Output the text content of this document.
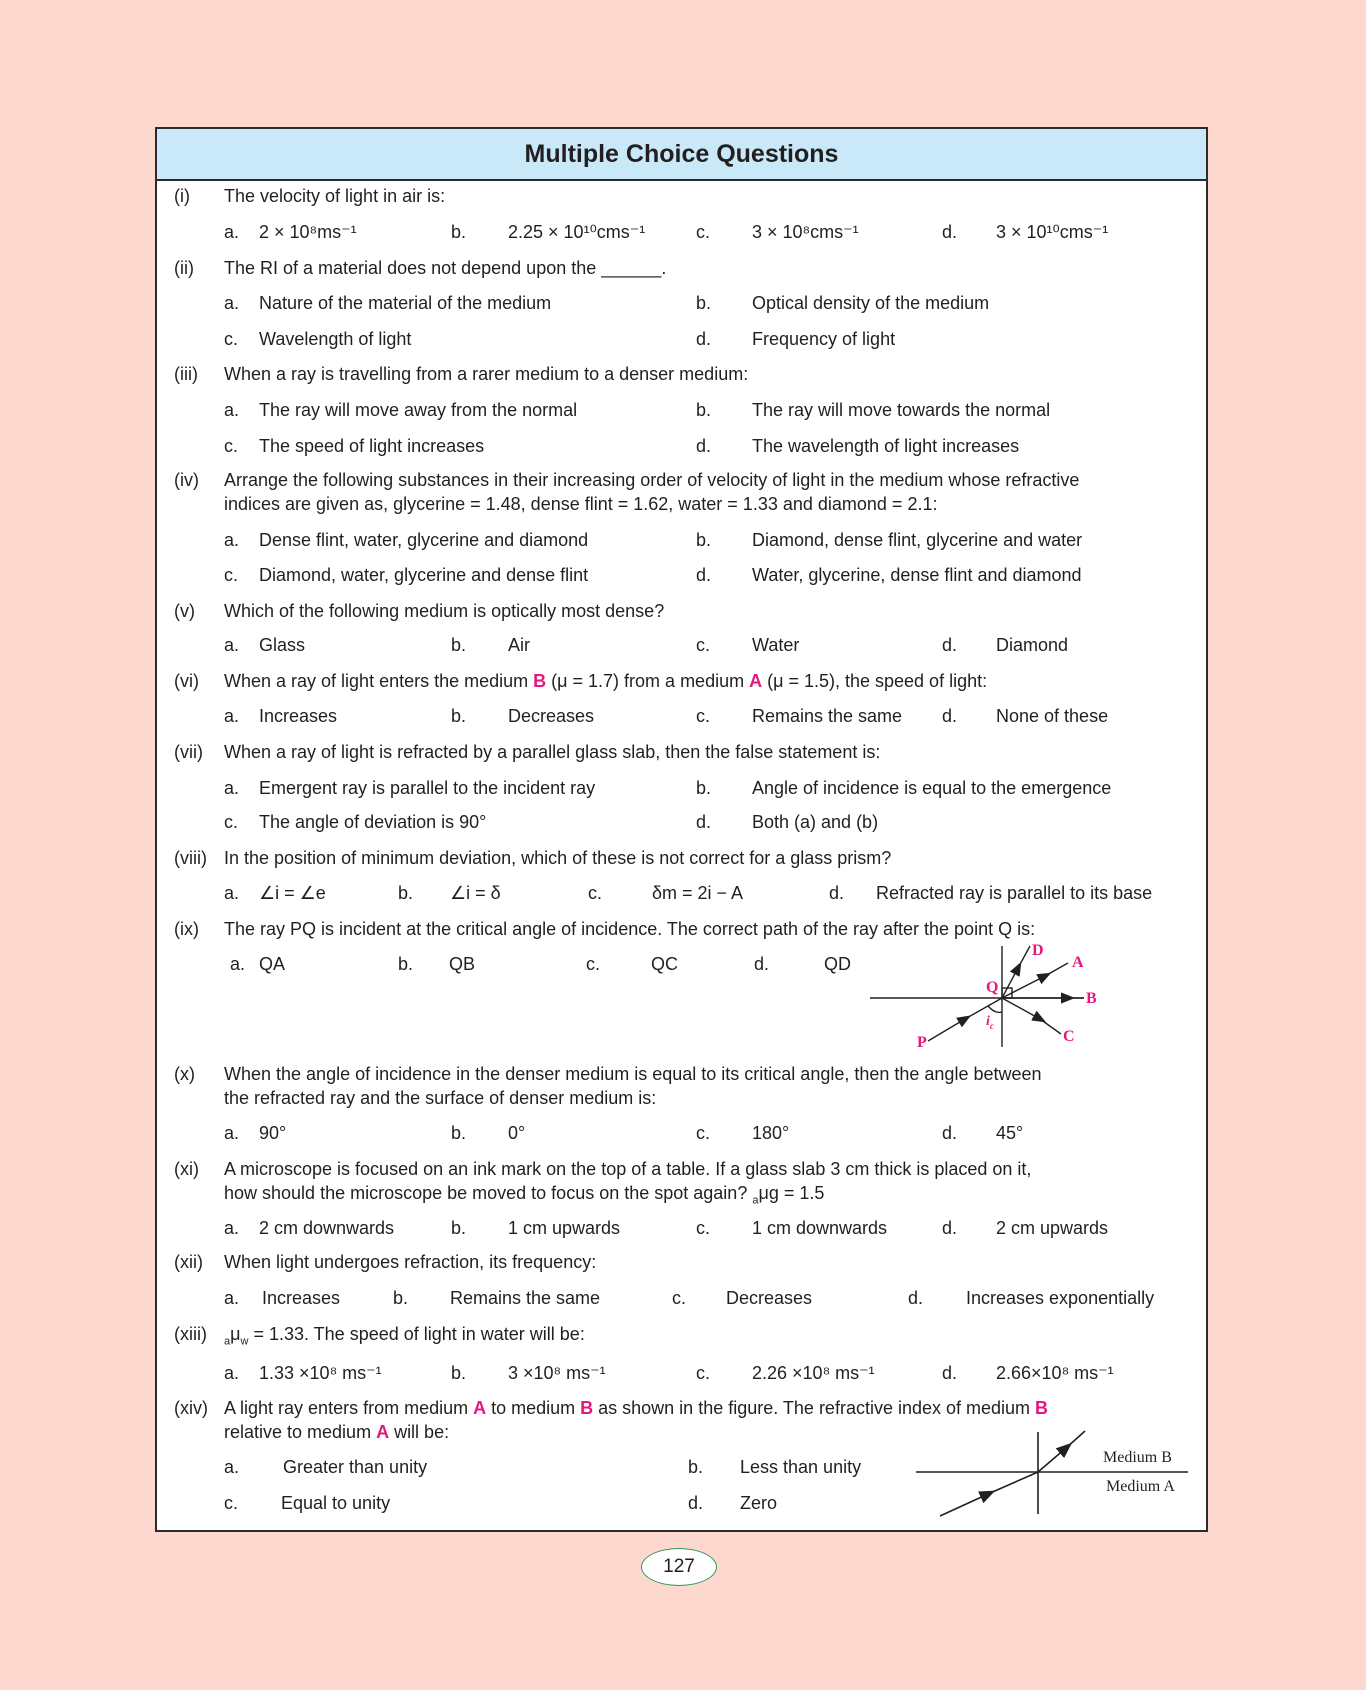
Multiple Choice Questions
(i) The velocity of light in air is:
a. 2 × 10⁸ms⁻¹	b. 2.25 × 10¹⁰cms⁻¹	c. 3 × 10⁸cms⁻¹	d. 3 × 10¹⁰cms⁻¹
(ii) The RI of a material does not depend upon the ______.
a. Nature of the material of the medium	b. Optical density of the medium
c. Wavelength of light	d. Frequency of light
(iii) When a ray is travelling from a rarer medium to a denser medium:
a. The ray will move away from the normal	b. The ray will move towards the normal
c. The speed of light increases	d. The wavelength of light increases
(iv) Arrange the following substances in their increasing order of velocity of light in the medium whose refractive
indices are given as, glycerine = 1.48, dense flint = 1.62, water = 1.33 and diamond = 2.1:
a. Dense flint, water, glycerine and diamond	b. Diamond, dense flint, glycerine and water
c. Diamond, water, glycerine and dense flint	d. Water, glycerine, dense flint and diamond
(v) Which of the following medium is optically most dense?
a. Glass	b. Air	c. Water	d. Diamond
(vi) When a ray of light enters the medium B (μ = 1.7) from a medium A (μ = 1.5), the speed of light:
a. Increases	b. Decreases	c. Remains the same d. None of these
(vii) When a ray of light is refracted by a parallel glass slab, then the false statement is:
a. Emergent ray is parallel to the incident ray	b. Angle of incidence is equal to the emergence
c. The angle of deviation is 90°	d. Both (a) and (b)
(viii) In the position of minimum deviation, which of these is not correct for a glass prism?
a. ∠i = ∠e	b. ∠i = δ	c.	δm = 2i − A	d. Refracted ray is parallel to its base
(ix) The ray PQ is incident at the critical angle of incidence. The correct path of the ray after the point Q is:
a. QA	b. QB	c.	QC	d.	QD
(x) When the angle of incidence in the denser medium is equal to its critical angle, then the angle between
the refracted ray and the surface of denser medium is:
a. 90°	b. 0°	c. 180°	d. 45°
(xi) A microscope is focused on an ink mark on the top of a table. If a glass slab 3 cm thick is placed on it,
how should the microscope be moved to focus on the spot again? $_a$μg = 1.5
a. 2 cm downwards	b. 1 cm upwards	c. 1 cm downwards	d. 2 cm upwards
(xii) When light undergoes refraction, its frequency:
a. Increases	b. Remains the same	c. Decreases	d. Increases exponentially
(xiii) $_a\mu_w = 1.33$. The speed of light in water will be:
a. 1.33 ×10⁸ ms⁻¹	b. 3 ×10⁸ ms⁻¹	c. 2.26 ×10⁸ ms⁻¹	d. 2.66×10⁸ ms⁻¹
(xiv) A light ray enters from medium A to medium B as shown in the figure. The refractive index of medium B
relative to medium A will be:
a. Greater than unity	b. Less than unity
c. Equal to unity	d. Zero
D
A
B
C
P
Q
$i_c$
Medium B
Medium A
127
